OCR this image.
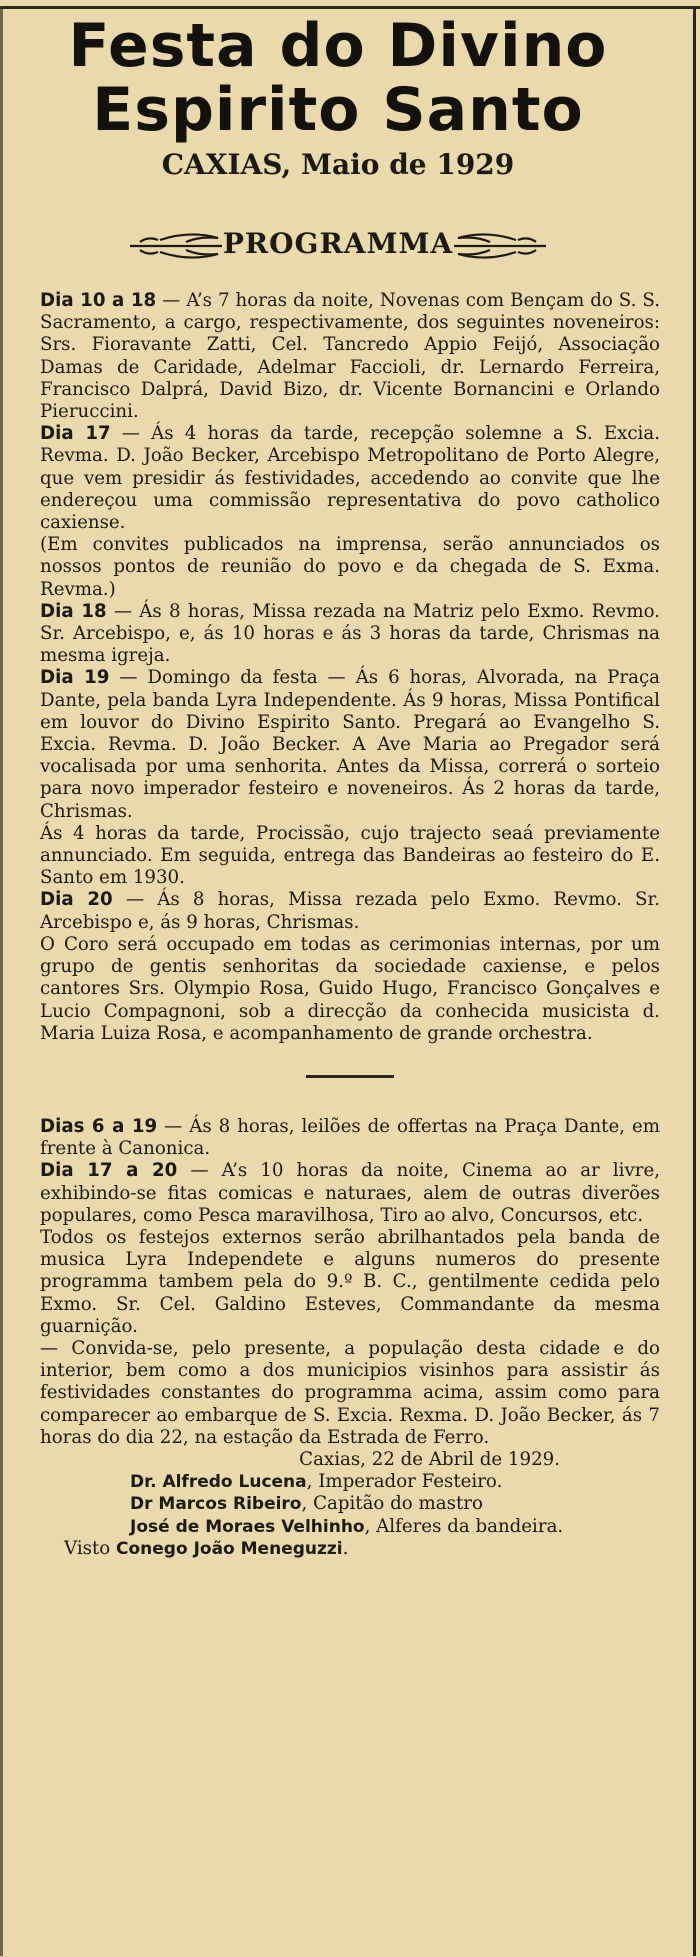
Festa do Divino
Espirito Santo
CAXIAS, Maio de 1929
PROGRAMMA

Dia 10 a 18 — A’s 7 horas da noite, Novenas com Bençam do S. S. Sacramento, a cargo, respectivamente, dos seguintes noveneiros: Srs. Fioravante Zatti, Cel. Tancredo Appio Feijó, Associação Damas de Caridade, Adelmar Faccioli, dr. Lernardo Ferreira, Francisco Dalprá, David Bizo, dr. Vicente Bornancini e Orlando Pieruccini.

Dia 17 — Ás 4 horas da tarde, recepção solemne a S. Excia. Revma. D. João Becker, Arcebispo Metropolitano de Porto Alegre, que vem presidir ás festividades, accedendo ao convite que lhe endereçou uma commissão representativa do povo catholico caxiense.

(Em convites publicados na imprensa, serão annunciados os nossos pontos de reunião do povo e da chegada de S. Exma. Revma.)

Dia 18 — Ás 8 horas, Missa rezada na Matriz pelo Exmo. Revmo. Sr. Arcebispo, e, ás 10 horas e ás 3 horas da tarde, Chrismas na mesma igreja.

Dia 19 — Domingo da festa — Ás 6 horas, Alvorada, na Praça Dante, pela banda Lyra Independente. Ás 9 horas, Missa Pontifical em louvor do Divino Espirito Santo. Pregará ao Evangelho S. Excia. Revma. D. João Becker. A Ave Maria ao Pregador será vocalisada por uma senhorita. Antes da Missa, correrá o sorteio para novo imperador festeiro e noveneiros. Ás 2 horas da tarde, Chrismas.

Ás 4 horas da tarde, Procissão, cujo trajecto seaá previamente annunciado. Em seguida, entrega das Bandeiras ao festeiro do E. Santo em 1930.

Dia 20 — Ás 8 horas, Missa rezada pelo Exmo. Revmo. Sr. Arcebispo e, ás 9 horas, Chrismas.

O Coro será occupado em todas as cerimonias internas, por um grupo de gentis senhoritas da sociedade caxiense, e pelos cantores Srs. Olympio Rosa, Guido Hugo, Francisco Gonçalves e Lucio Compagnoni, sob a direcção da conhecida musicista d. Maria Luiza Rosa, e acompanhamento de grande orchestra.

Dias 6 a 19 — Ás 8 horas, leilões de offertas na Praça Dante, em frente à Canonica.

Dia 17 a 20 — A’s 10 horas da noite, Cinema ao ar livre, exhibindo-se fitas comicas e naturaes, alem de outras diverões populares, como Pesca maravilhosa, Tiro ao alvo, Concursos, etc.

Todos os festejos externos serão abrilhantados pela banda de musica Lyra Independete e alguns numeros do presente programma tambem pela do 9.º B. C., gentilmente cedida pelo Exmo. Sr. Cel. Galdino Esteves, Commandante da mesma guarnição.

— Convida-se, pelo presente, a população desta cidade e do interior, bem como a dos municipios visinhos para assistir ás festividades constantes do programma acima, assim como para comparecer ao embarque de S. Excia. Rexma. D. João Becker, ás 7 horas do dia 22, na estação da Estrada de Ferro.

Caxias, 22 de Abril de 1929.

Dr. Alfredo Lucena, Imperador Festeiro.

Dr Marcos Ribeiro, Capitão do mastro

José de Moraes Velhinho, Alferes da bandeira.

Visto Conego João Meneguzzi.
